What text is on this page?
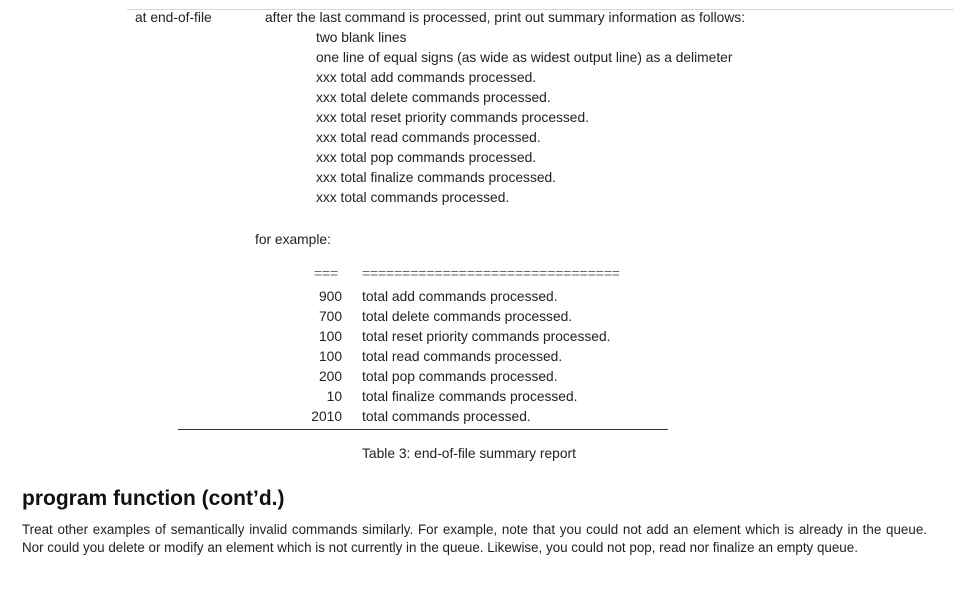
at end-of-file	after the last command is processed, print out summary information as follows:
two blank lines
one line of equal signs (as wide as widest output line) as a delimeter
xxx total add commands processed.
xxx total delete commands processed.
xxx total reset priority commands processed.
xxx total read commands processed.
xxx total pop commands processed.
xxx total finalize commands processed.
xxx total commands processed.
for example:
=== ================================
900 total add commands processed.
700 total delete commands processed.
100 total reset priority commands processed.
100 total read commands processed.
200 total pop commands processed.
10 total finalize commands processed.
2010 total commands processed.
Table 3: end-of-file summary report
program function (cont’d.)
Treat other examples of semantically invalid commands similarly. For example, note that you could not add an element which is already in the queue. Nor could you delete or modify an element which is not currently in the queue. Likewise, you could not pop, read nor finalize an empty queue.
